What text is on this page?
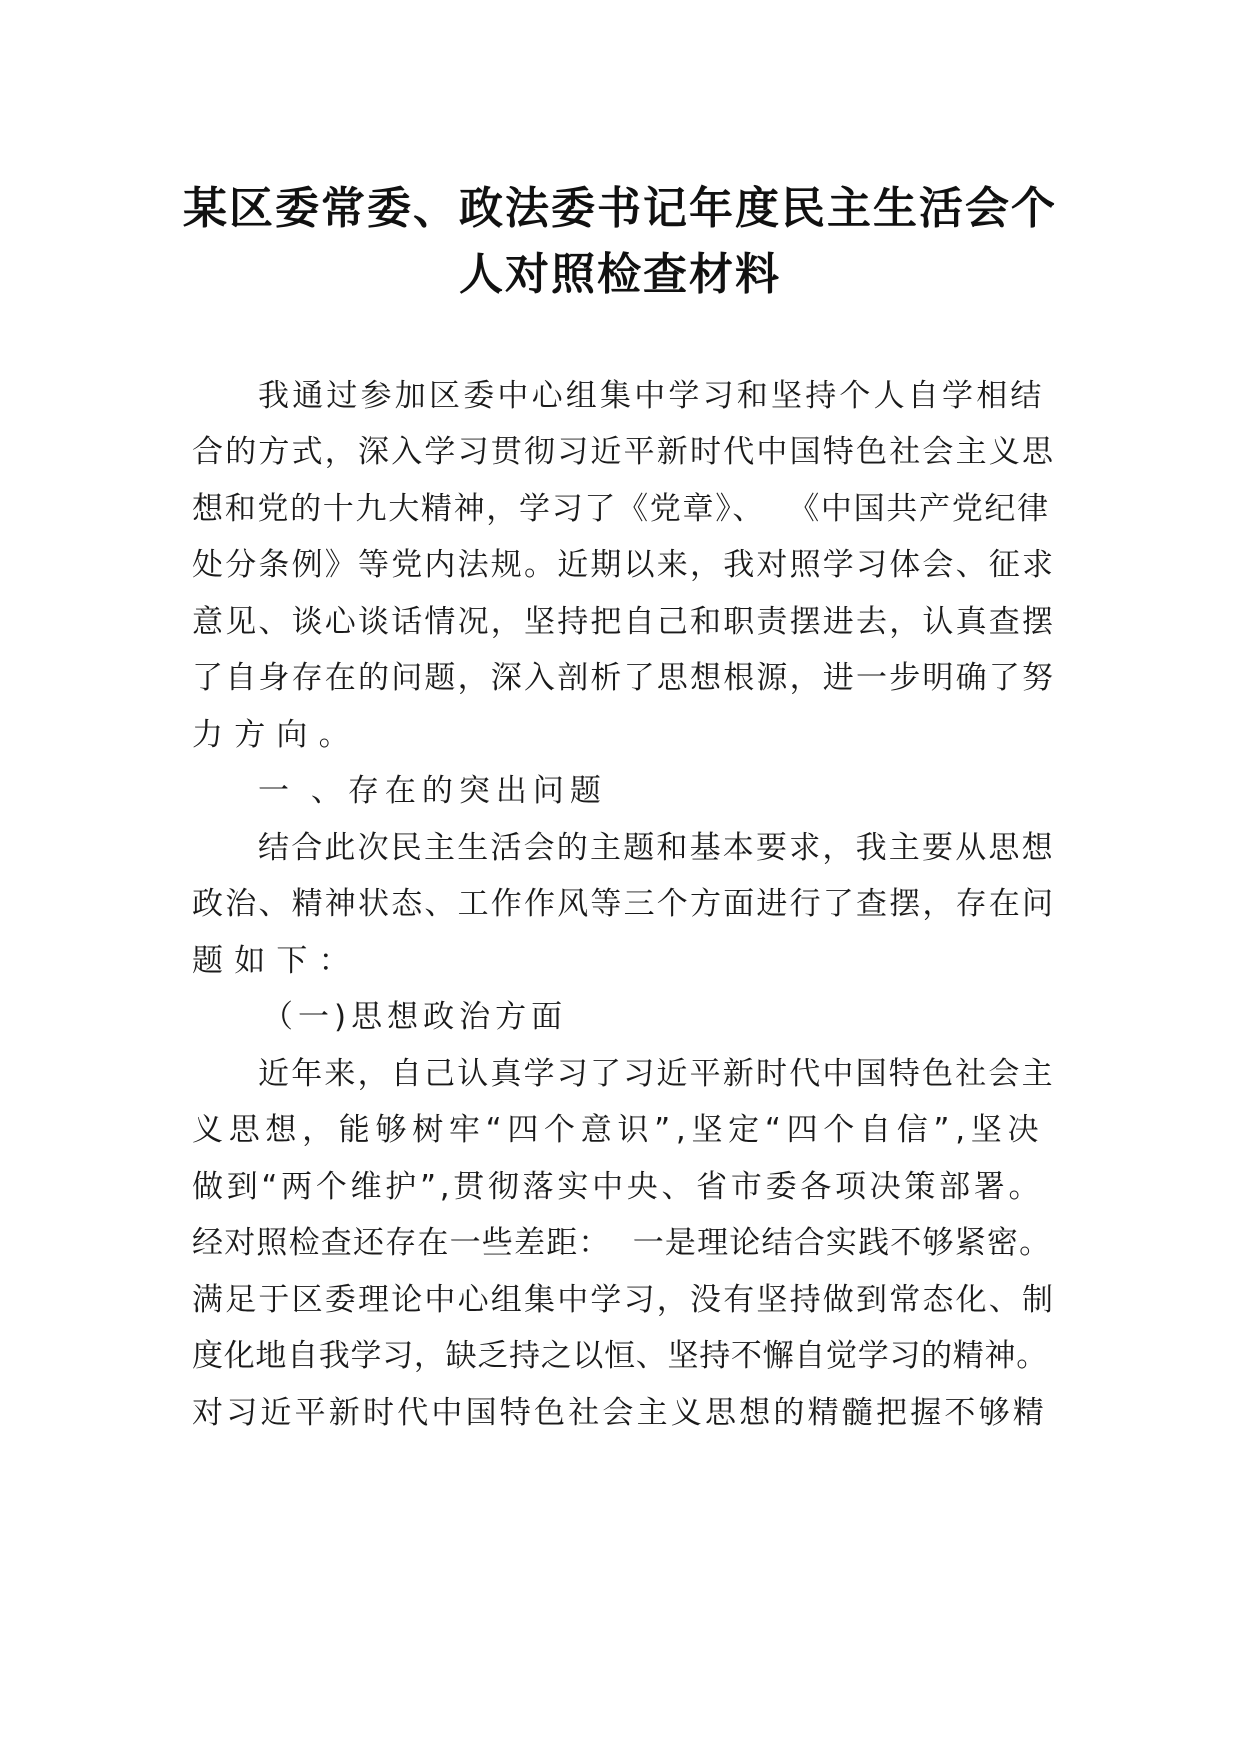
某区委常委、政法委书记年度民主生活会个
人对照检查材料
我通过参加区委中心组集中学习和坚持个人自学相结
合的方式，深入学习贯彻习近平新时代中国特色社会主义思
想和党的十九大精神，学习了《党章》、  《中国共产党纪律
处分条例》等党内法规。近期以来，我对照学习体会、征求
意见、谈心谈话情况，坚持把自己和职责摆进去，认真查摆
了自身存在的问题，深入剖析了思想根源，进一步明确了努
力方向。
一 、存在的突出问题
结合此次民主生活会的主题和基本要求，我主要从思想
政治、精神状态、工作作风等三个方面进行了查摆，存在问
题如下：
（一)思想政治方面
近年来，自己认真学习了习近平新时代中国特色社会主
义思想，能够树牢“四个意识”,坚定“四个自信”,坚决
做到“两个维护”,贯彻落实中央、省市委各项决策部署。
经对照检查还存在一些差距：  一是理论结合实践不够紧密。
满足于区委理论中心组集中学习，没有坚持做到常态化、制
度化地自我学习，缺乏持之以恒、坚持不懈自觉学习的精神。
对习近平新时代中国特色社会主义思想的精髓把握不够精
